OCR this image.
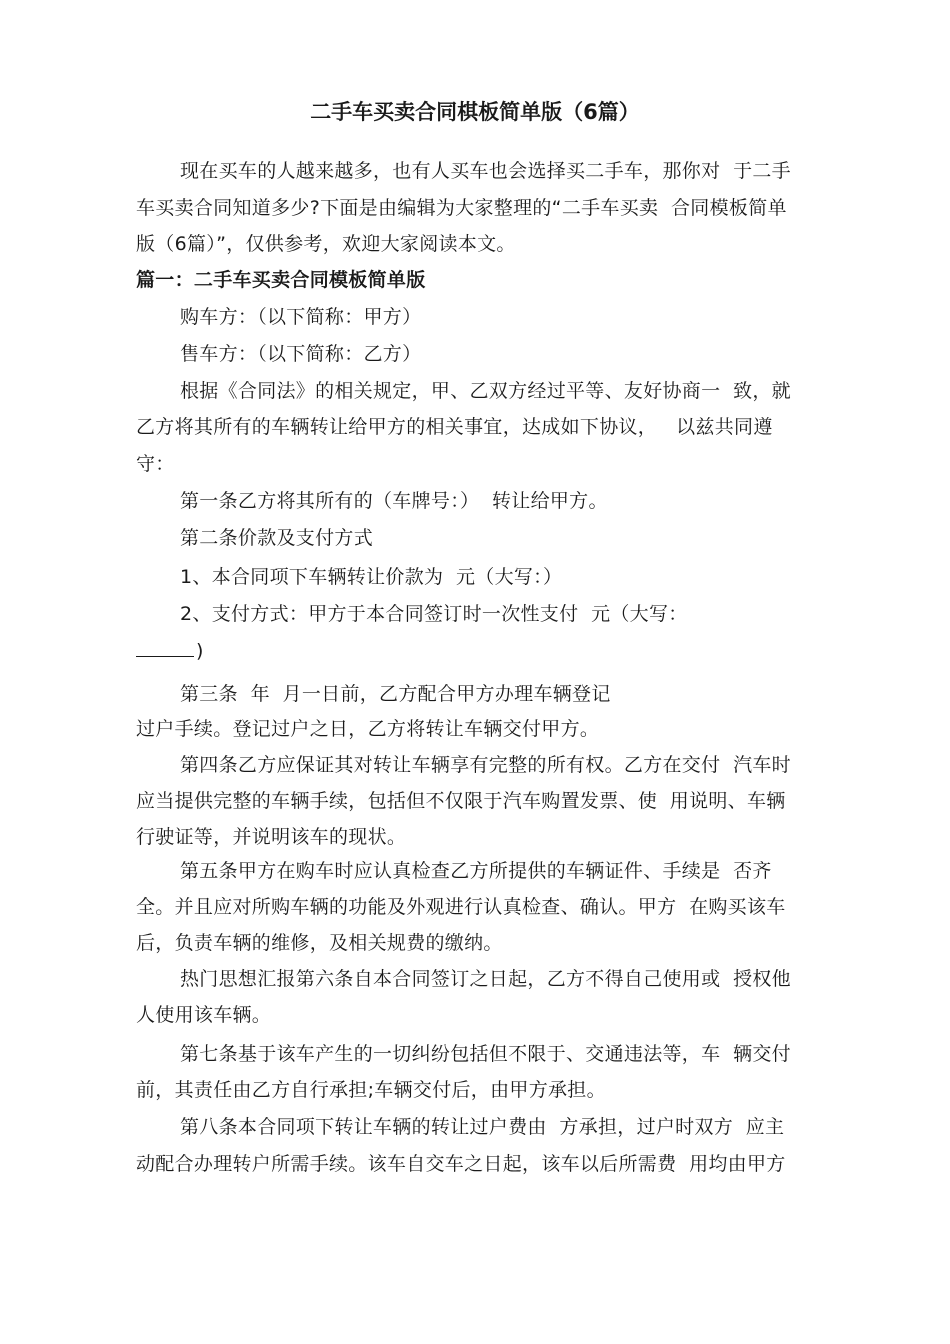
二手车买卖合同棋板简单版（6篇）
现在买车的人越来越多，也有人买车也会选择买二手车，那你对  于二手
车买卖合同知道多少?下面是由编辑为大家整理的“二手车买卖  合同模板简单
版（6篇）”，仅供参考，欢迎大家阅读本文。
篇一：二手车买卖合同模板简单版
购车方：（以下简称：甲方）
售车方：（以下简称：乙方）
根据《合同法》的相关规定，甲、乙双方经过平等、友好协商一  致，就
乙方将其所有的车辆转让给甲方的相关事宜，达成如下协议，   以兹共同遵
守：
第一条乙方将其所有的（车牌号：）  转让给甲方。
第二条价款及支付方式
1、本合同项下车辆转让价款为  元（大写：）
2、支付方式：甲方于本合同签订时一次性支付  元（大写：
)
第三条  年  月一日前，乙方配合甲方办理车辆登记
过户手续。登记过户之日，乙方将转让车辆交付甲方。
第四条乙方应保证其对转让车辆享有完整的所有权。乙方在交付  汽车时
应当提供完整的车辆手续，包括但不仅限于汽车购置发票、使  用说明、车辆
行驶证等，并说明该车的现状。
第五条甲方在购车时应认真检查乙方所提供的车辆证件、手续是  否齐
全。并且应对所购车辆的功能及外观进行认真检查、确认。甲方  在购买该车
后，负责车辆的维修，及相关规费的缴纳。
热门思想汇报第六条自本合同签订之日起，乙方不得自己使用或  授权他
人使用该车辆。
第七条基于该车产生的一切纠纷包括但不限于、交通违法等，车  辆交付
前，其责任由乙方自行承担;车辆交付后，由甲方承担。
第八条本合同项下转让车辆的转让过户费由  方承担，过户时双方  应主
动配合办理转户所需手续。该车自交车之日起，该车以后所需费  用均由甲方
